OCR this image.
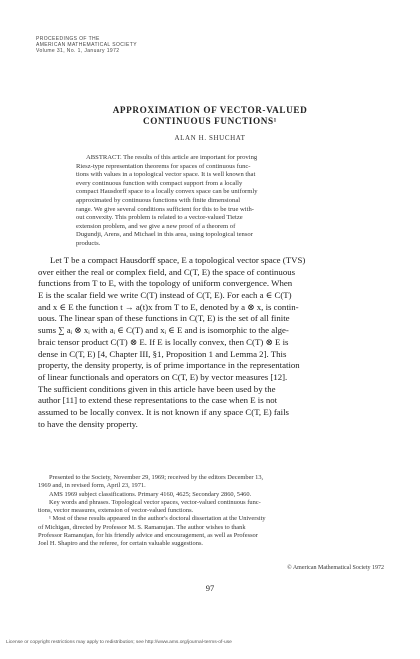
PROCEEDINGS OF THE
AMERICAN MATHEMATICAL SOCIETY
Volume 31, No. 1, January 1972
APPROXIMATION OF VECTOR-VALUED
CONTINUOUS FUNCTIONS¹
ALAN H. SHUCHAT
ABSTRACT. The results of this article are important for proving
Riesz-type representation theorems for spaces of continuous func-
tions with values in a topological vector space. It is well known that
every continuous function with compact support from a locally
compact Hausdorff space to a locally convex space can be uniformly
approximated by continuous functions with finite dimensional
range. We give several conditions sufficient for this to be true with-
out convexity. This problem is related to a vector-valued Tietze
extension problem, and we give a new proof of a theorem of
Dugundji, Arens, and Michael in this area, using topological tensor
products.
Let T be a compact Hausdorff space, E a topological vector space (TVS)
over either the real or complex field, and C(T, E) the space of continuous
functions from T to E, with the topology of uniform convergence. When
E is the scalar field we write C(T) instead of C(T, E). For each a ∈ C(T)
and x ∈ E the function t → a(t)x from T to E, denoted by a ⊗ x, is contin-
uous. The linear span of these functions in C(T, E) is the set of all finite
sums ∑ aᵢ ⊗ xᵢ with aᵢ ∈ C(T) and xᵢ ∈ E and is isomorphic to the alge-
braic tensor product C(T) ⊗ E. If E is locally convex, then C(T) ⊗ E is
dense in C(T, E) [4, Chapter III, §1, Proposition 1 and Lemma 2]. This
property, the density property, is of prime importance in the representation
of linear functionals and operators on C(T, E) by vector measures [12].
The sufficient conditions given in this article have been used by the
author [11] to extend these representations to the case when E is not
assumed to be locally convex. It is not known if any space C(T, E) fails
to have the density property.
Presented to the Society, November 29, 1969; received by the editors December 13,
1969 and, in revised form, April 23, 1971.
AMS 1969 subject classifications. Primary 4160, 4625; Secondary 2860, 5460.
Key words and phrases. Topological vector spaces, vector-valued continuous func-
tions, vector measures, extension of vector-valued functions.
¹ Most of these results appeared in the author's doctoral dissertation at the University
of Michigan, directed by Professor M. S. Ramanujan. The author wishes to thank
Professor Ramanujan, for his friendly advice and encouragement, as well as Professor
Joel H. Shapiro and the referee, for certain valuable suggestions.
© American Mathematical Society 1972
97
License or copyright restrictions may apply to redistribution; see http://www.ams.org/journal-terms-of-use
